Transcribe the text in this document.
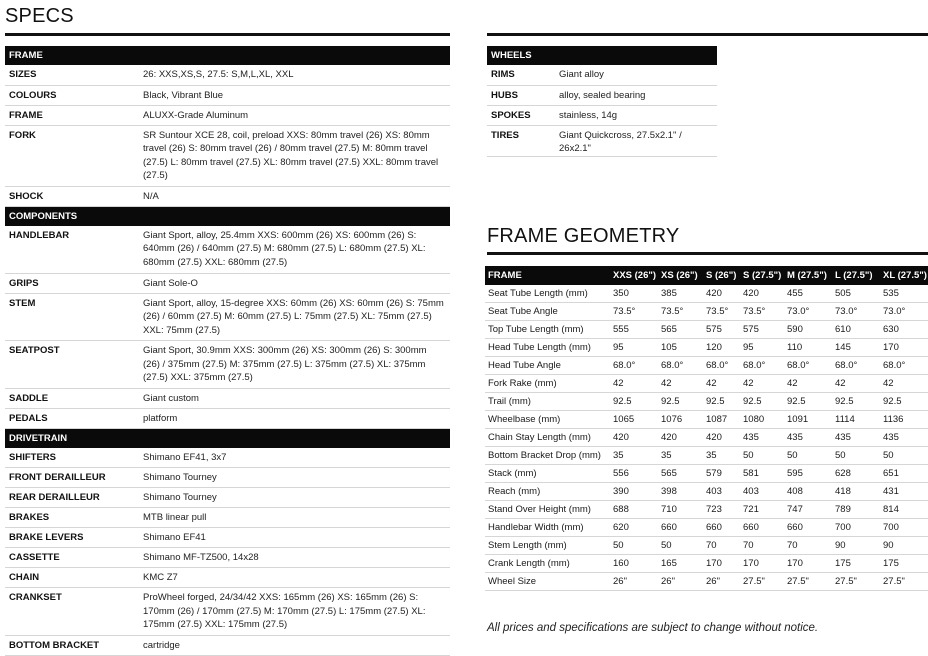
SPECS
FRAME	
SIZES	26: XXS,XS,S, 27.5: S,M,L,XL, XXL
COLOURS	Black, Vibrant Blue
FRAME	ALUXX-Grade Aluminum
FORK	SR Suntour XCE 28, coil, preload XXS: 80mm travel (26) XS: 80mm travel (26) S: 80mm travel (26) / 80mm travel (27.5) M: 80mm travel (27.5) L: 80mm travel (27.5) XL: 80mm travel (27.5) XXL: 80mm travel (27.5)
SHOCK	N/A
COMPONENTS	
HANDLEBAR	Giant Sport, alloy, 25.4mm XXS: 600mm (26) XS: 600mm (26) S: 640mm (26) / 640mm (27.5) M: 680mm (27.5) L: 680mm (27.5) XL: 680mm (27.5) XXL: 680mm (27.5)
GRIPS	Giant Sole-O
STEM	Giant Sport, alloy, 15-degree XXS: 60mm (26) XS: 60mm (26) S: 75mm (26) / 60mm (27.5) M: 60mm (27.5) L: 75mm (27.5) XL: 75mm (27.5) XXL: 75mm (27.5)
SEATPOST	Giant Sport, 30.9mm XXS: 300mm (26) XS: 300mm (26) S: 300mm (26) / 375mm (27.5) M: 375mm (27.5) L: 375mm (27.5) XL: 375mm (27.5) XXL: 375mm (27.5)
SADDLE	Giant custom
PEDALS	platform
DRIVETRAIN	
SHIFTERS	Shimano EF41, 3x7
FRONT DERAILLEUR	Shimano Tourney
REAR DERAILLEUR	Shimano Tourney
BRAKES	MTB linear pull
BRAKE LEVERS	Shimano EF41
CASSETTE	Shimano MF-TZ500, 14x28
CHAIN	KMC Z7
CRANKSET	ProWheel forged, 24/34/42 XXS: 165mm (26) XS: 165mm (26) S: 170mm (26) / 170mm (27.5) M: 170mm (27.5) L: 175mm (27.5) XL: 175mm (27.5) XXL: 175mm (27.5)
BOTTOM BRACKET	cartridge
WHEELS	
RIMS	Giant alloy
HUBS	alloy, sealed bearing
SPOKES	stainless, 14g
TIRES	Giant Quickcross, 27.5x2.1" / 26x2.1"
FRAME GEOMETRY
FRAME	XXS (26")	XS (26")	S (26")	S (27.5")	M (27.5")	L (27.5")	XL (27.5")
Seat Tube Length (mm)	350	385	420	420	455	505	535
Seat Tube Angle	73.5°	73.5°	73.5°	73.5°	73.0°	73.0°	73.0°
Top Tube Length (mm)	555	565	575	575	590	610	630
Head Tube Length (mm)	95	105	120	95	110	145	170
Head Tube Angle	68.0°	68.0°	68.0°	68.0°	68.0°	68.0°	68.0°
Fork Rake (mm)	42	42	42	42	42	42	42
Trail (mm)	92.5	92.5	92.5	92.5	92.5	92.5	92.5
Wheelbase (mm)	1065	1076	1087	1080	1091	1114	1136
Chain Stay Length (mm)	420	420	420	435	435	435	435
Bottom Bracket Drop (mm)	35	35	35	50	50	50	50
Stack (mm)	556	565	579	581	595	628	651
Reach (mm)	390	398	403	403	408	418	431
Stand Over Height (mm)	688	710	723	721	747	789	814
Handlebar Width (mm)	620	660	660	660	660	700	700
Stem Length (mm)	50	50	70	70	70	90	90
Crank Length (mm)	160	165	170	170	170	175	175
Wheel Size	26"	26"	26"	27.5"	27.5"	27.5"	27.5"
All prices and specifications are subject to change without notice.
